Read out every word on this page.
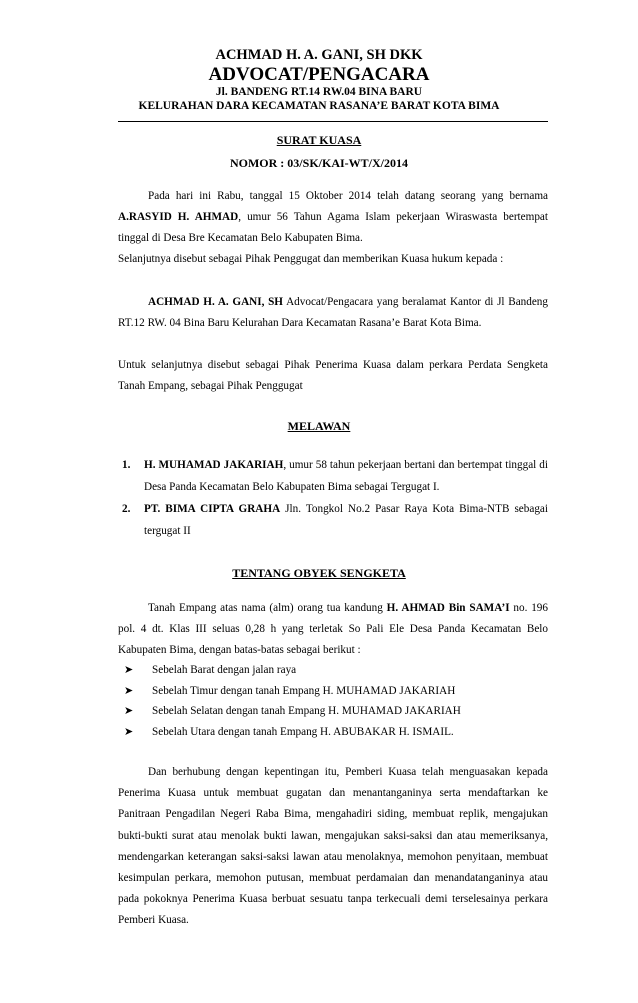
ACHMAD H. A. GANI, SH DKK
ADVOCAT/PENGACARA
Jl. BANDENG RT.14 RW.04 BINA BARU
KELURAHAN DARA KECAMATAN RASANA’E BARAT KOTA BIMA
SURAT KUASA
NOMOR : 03/SK/KAI-WT/X/2014
Pada hari ini Rabu, tanggal 15 Oktober 2014 telah datang seorang yang bernama A.RASYID H. AHMAD, umur 56 Tahun Agama Islam pekerjaan Wiraswasta bertempat tinggal di Desa Bre Kecamatan Belo Kabupaten Bima.
Selanjutnya disebut sebagai Pihak Penggugat dan memberikan Kuasa hukum kepada :
ACHMAD H. A. GANI, SH Advocat/Pengacara yang beralamat Kantor di Jl Bandeng RT.12 RW. 04 Bina Baru Kelurahan Dara Kecamatan Rasana’e Barat Kota Bima.
Untuk selanjutnya disebut sebagai Pihak Penerima Kuasa dalam perkara Perdata Sengketa Tanah Empang, sebagai Pihak Penggugat
MELAWAN
1. H. MUHAMAD JAKARIAH, umur 58 tahun pekerjaan bertani dan bertempat tinggal di Desa Panda Kecamatan Belo Kabupaten Bima sebagai Tergugat I.
2. PT. BIMA CIPTA GRAHA Jln. Tongkol No.2 Pasar Raya Kota Bima-NTB sebagai tergugat II
TENTANG OBYEK SENGKETA
Tanah Empang atas nama (alm) orang tua kandung H. AHMAD Bin SAMA’I no. 196 pol. 4 dt. Klas III seluas 0,28 h yang terletak So Pali Ele Desa Panda Kecamatan Belo Kabupaten Bima, dengan batas-batas sebagai berikut :
➤ Sebelah Barat dengan jalan raya
➤ Sebelah Timur dengan tanah Empang H. MUHAMAD JAKARIAH
➤ Sebelah Selatan dengan tanah Empang H. MUHAMAD JAKARIAH
➤ Sebelah Utara dengan tanah Empang H. ABUBAKAR H. ISMAIL.
Dan berhubung dengan kepentingan itu, Pemberi Kuasa telah menguasakan kepada Penerima Kuasa untuk membuat gugatan dan menantanganinya serta mendaftarkan ke Panitraan Pengadilan Negeri Raba Bima, mengahadiri siding, membuat replik, mengajukan bukti-bukti surat atau menolak bukti lawan, mengajukan saksi-saksi dan atau memeriksanya, mendengarkan keterangan saksi-saksi lawan atau menolaknya, memohon penyitaan, membuat kesimpulan perkara, memohon putusan, membuat perdamaian dan menandatanganinya atau pada pokoknya Penerima Kuasa berbuat sesuatu tanpa terkecuali demi terselesainya perkara Pemberi Kuasa.
